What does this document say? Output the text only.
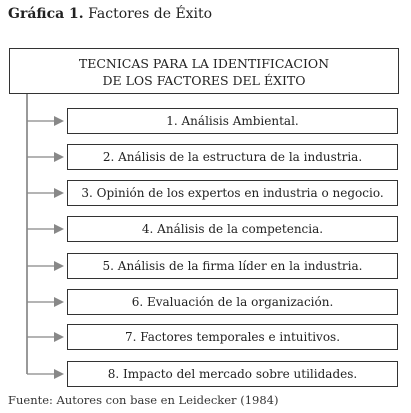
Gráfica 1. Factores de Éxito
TECNICAS PARA LA IDENTIFICACION
DE LOS FACTORES DEL ÉXITO
1. Análisis Ambiental.
2. Análisis de la estructura de la industria.
3. Opinión de los expertos en industria o negocio.
4. Análisis de la competencia.
5. Análisis de la firma líder en la industria.
6. Evaluación de la organización.
7. Factores temporales e intuitivos.
8. Impacto del mercado sobre utilidades.
Fuente: Autores con base en Leidecker (1984)
